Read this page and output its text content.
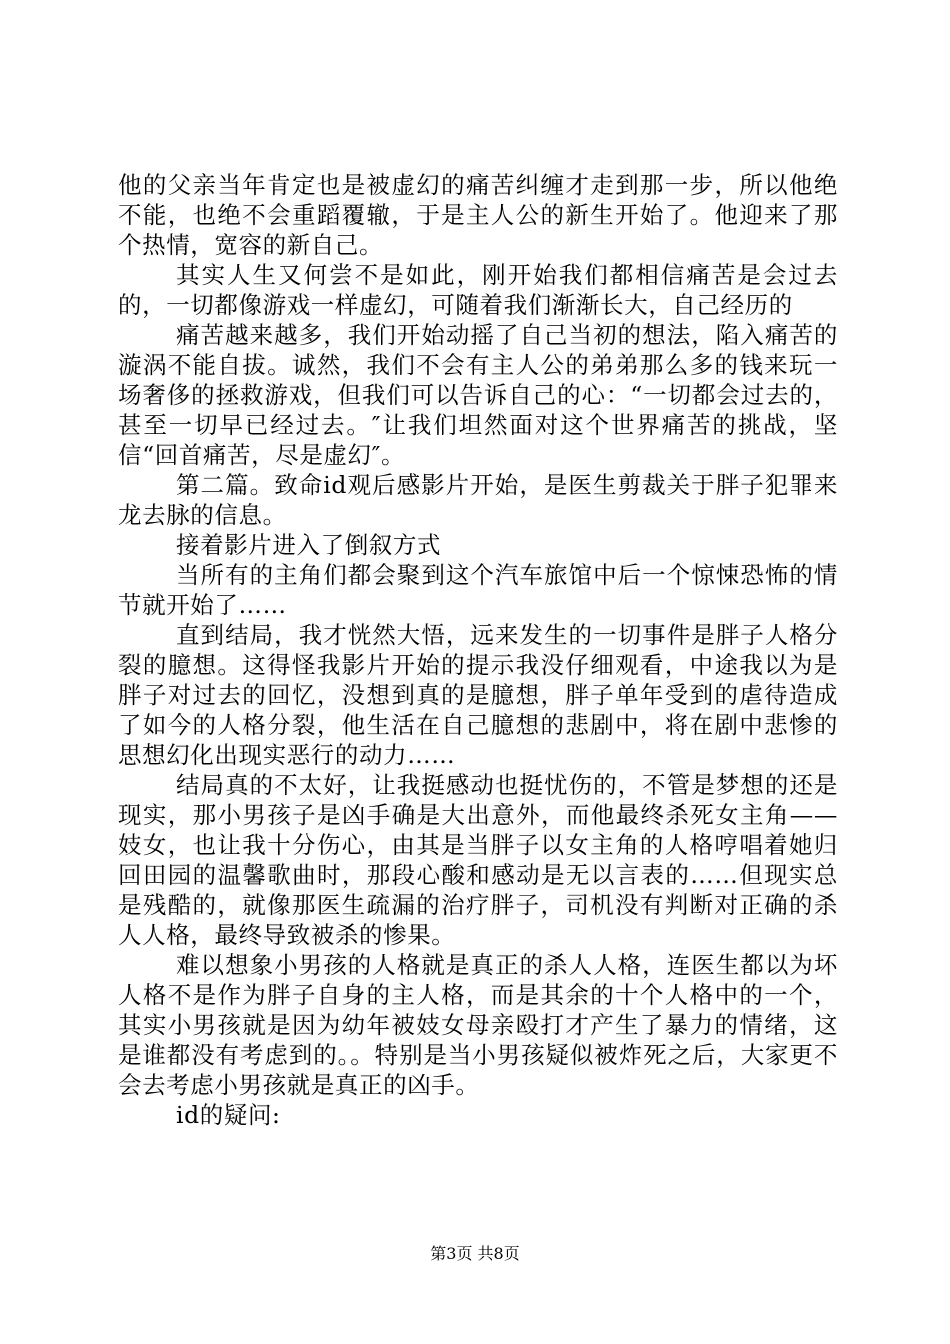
他的父亲当年肯定也是被虚幻的痛苦纠缠才走到那一步，所以他绝不能，也绝不会重蹈覆辙，于是主人公的新生开始了。他迎来了那个热情，宽容的新自己。

其实人生又何尝不是如此，刚开始我们都相信痛苦是会过去的，一切都像游戏一样虚幻，可随着我们渐渐长大，自己经历的

痛苦越来越多，我们开始动摇了自己当初的想法，陷入痛苦的漩涡不能自拔。诚然，我们不会有主人公的弟弟那么多的钱来玩一场奢侈的拯救游戏，但我们可以告诉自己的心：“一切都会过去的，甚至一切早已经过去。″让我们坦然面对这个世界痛苦的挑战，坚信“回首痛苦，尽是虚幻″。

第二篇。致命id观后感影片开始，是医生剪裁关于胖子犯罪来龙去脉的信息。

接着影片进入了倒叙方式

当所有的主角们都会聚到这个汽车旅馆中后一个惊悚恐怖的情节就开始了……

直到结局，我才恍然大悟，远来发生的一切事件是胖子人格分裂的臆想。这得怪我影片开始的提示我没仔细观看，中途我以为是胖子对过去的回忆，没想到真的是臆想，胖子单年受到的虐待造成了如今的人格分裂，他生活在自己臆想的悲剧中，将在剧中悲惨的思想幻化出现实恶行的动力……

结局真的不太好，让我挺感动也挺忧伤的，不管是梦想的还是现实，那小男孩子是凶手确是大出意外，而他最终杀死女主角——妓女，也让我十分伤心，由其是当胖子以女主角的人格哼唱着她归回田园的温馨歌曲时，那段心酸和感动是无以言表的……但现实总是残酷的，就像那医生疏漏的治疗胖子，司机没有判断对正确的杀人人格，最终导致被杀的惨果。

难以想象小男孩的人格就是真正的杀人人格，连医生都以为坏人格不是作为胖子自身的主人格，而是其余的十个人格中的一个，其实小男孩就是因为幼年被妓女母亲殴打才产生了暴力的情绪，这是谁都没有考虑到的。。特别是当小男孩疑似被炸死之后，大家更不会去考虑小男孩就是真正的凶手。

id的疑问:

第3页 共8页
